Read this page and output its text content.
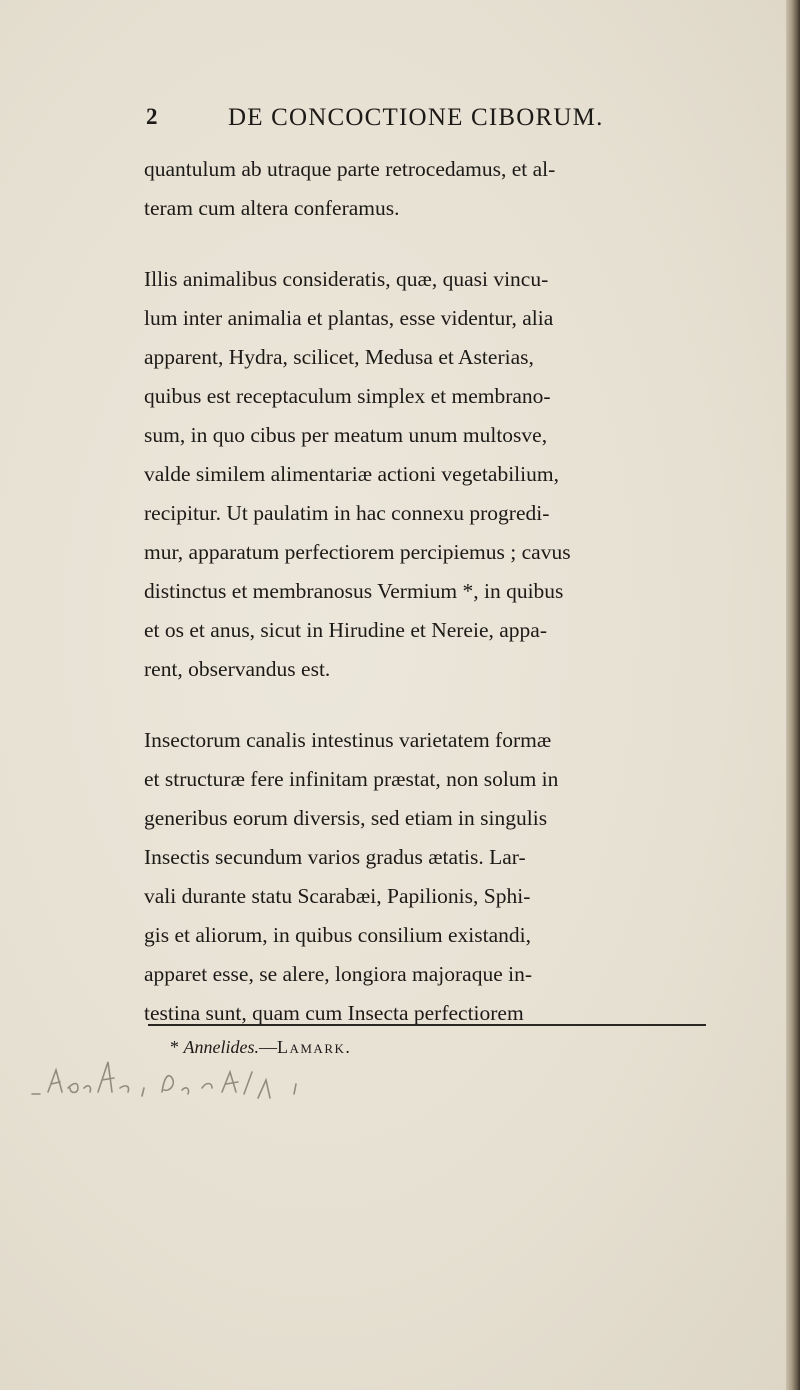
2	DE CONCOCTIONE CIBORUM.
quantulum ab utraque parte retrocedamus, et al-
teram cum altera conferamus.
Illis animalibus consideratis, quæ, quasi vincu-
lum inter animalia et plantas, esse videntur, alia
apparent, Hydra, scilicet, Medusa et Asterias,
quibus est receptaculum simplex et membrano-
sum, in quo cibus per meatum unum multosve,
valde similem alimentariæ actioni vegetabilium,
recipitur. Ut paulatim in hac connexu progredi-
mur, apparatum perfectiorem percipiemus ; cavus
distinctus et membranosus Vermium *, in quibus
et os et anus, sicut in Hirudine et Nereie, appa-
rent, observandus est.
Insectorum canalis intestinus varietatem formæ
et structuræ fere infinitam præstat, non solum in
generibus eorum diversis, sed etiam in singulis
Insectis secundum varios gradus ætatis. Lar-
vali durante statu Scarabæi, Papilionis, Sphi-
gis et aliorum, in quibus consilium existandi,
apparet esse, se alere, longiora majoraque in-
testina sunt, quam cum Insecta perfectiorem
* Annelides.—Lamark.
